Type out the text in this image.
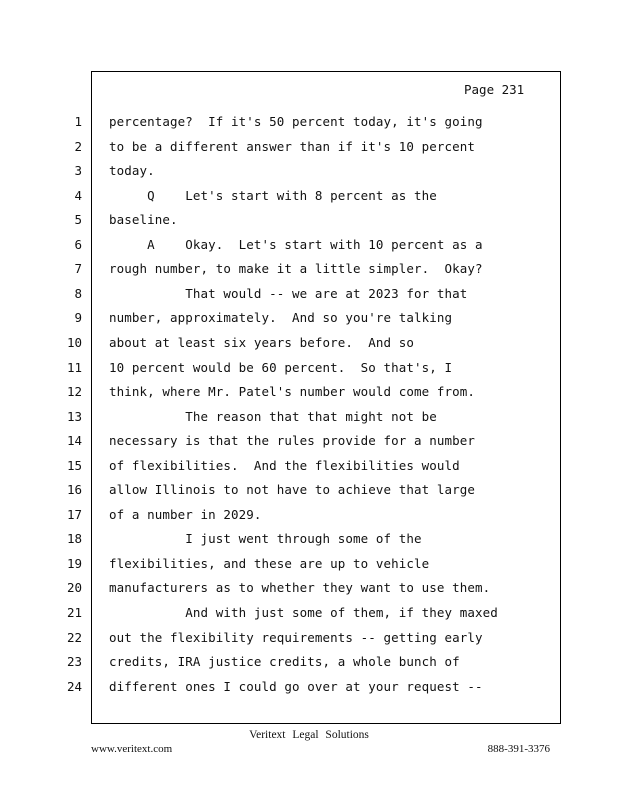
Page 231
1 percentage?  If it's 50 percent today, it's going
2 to be a different answer than if it's 10 percent
3 today.
4 Q    Let's start with 8 percent as the
5 baseline.
6 A    Okay.  Let's start with 10 percent as a
7 rough number, to make it a little simpler.  Okay?
8 That would -- we are at 2023 for that
9 number, approximately.  And so you're talking
10 about at least six years before.  And so
11 10 percent would be 60 percent.  So that's, I
12 think, where Mr. Patel's number would come from.
13 The reason that that might not be
14 necessary is that the rules provide for a number
15 of flexibilities.  And the flexibilities would
16 allow Illinois to not have to achieve that large
17 of a number in 2029.
18 I just went through some of the
19 flexibilities, and these are up to vehicle
20 manufacturers as to whether they want to use them.
21 And with just some of them, if they maxed
22 out the flexibility requirements -- getting early
23 credits, IRA justice credits, a whole bunch of
24 different ones I could go over at your request --
Veritext Legal Solutions
www.veritext.com	888-391-3376
